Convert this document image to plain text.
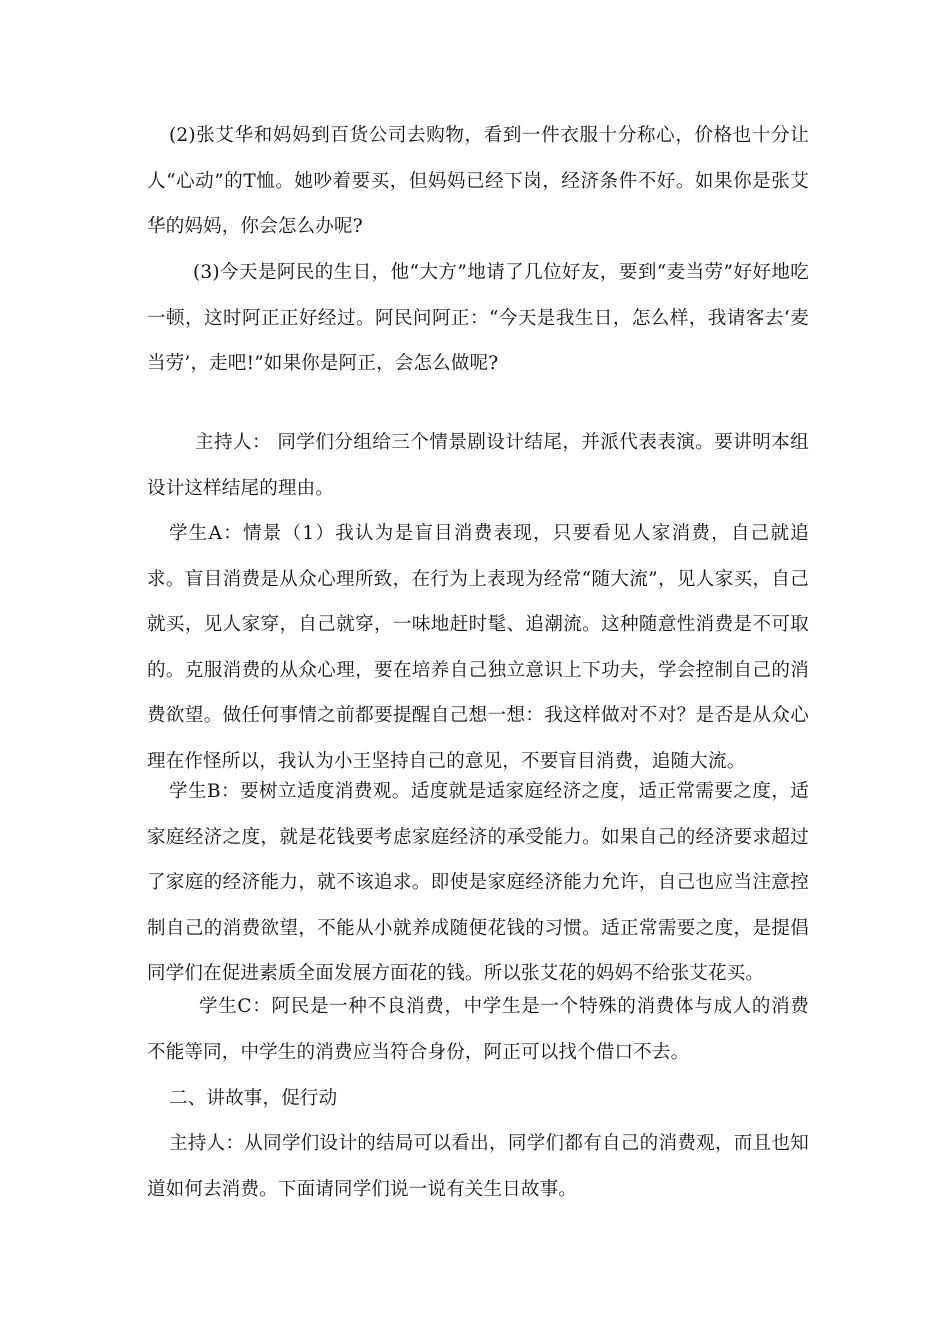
(2)张艾华和妈妈到百货公司去购物，看到一件衣服十分称心，价格也十分让人“心动”的T恤。她吵着要买，但妈妈已经下岗，经济条件不好。如果你是张艾华的妈妈，你会怎么办呢?

(3)今天是阿民的生日，他“大方”地请了几位好友，要到“麦当劳”好好地吃一顿，这时阿正正好经过。阿民问阿正：“今天是我生日，怎么样，我请客去‘麦当劳’，走吧!”如果你是阿正，会怎么做呢?

主持人： 同学们分组给三个情景剧设计结尾，并派代表表演。要讲明本组设计这样结尾的理由。

学生A：情景（1）我认为是盲目消费表现，只要看见人家消费，自己就追求。盲目消费是从众心理所致，在行为上表现为经常“随大流”，见人家买，自己就买，见人家穿，自己就穿，一味地赶时髦、追潮流。这种随意性消费是不可取的。克服消费的从众心理，要在培养自己独立意识上下功夫，学会控制自己的消费欲望。做任何事情之前都要提醒自己想一想：我这样做对不对？是否是从众心理在作怪所以，我认为小王坚持自己的意见，不要盲目消费，追随大流。

学生B：要树立适度消费观。适度就是适家庭经济之度，适正常需要之度，适家庭经济之度，就是花钱要考虑家庭经济的承受能力。如果自己的经济要求超过了家庭的经济能力，就不该追求。即使是家庭经济能力允许，自己也应当注意控制自己的消费欲望，不能从小就养成随便花钱的习惯。适正常需要之度，是提倡同学们在促进素质全面发展方面花的钱。所以张艾花的妈妈不给张艾花买。

学生C：阿民是一种不良消费，中学生是一个特殊的消费体与成人的消费不能等同，中学生的消费应当符合身份，阿正可以找个借口不去。

二、讲故事，促行动

主持人：从同学们设计的结局可以看出，同学们都有自己的消费观，而且也知道如何去消费。下面请同学们说一说有关生日故事。
